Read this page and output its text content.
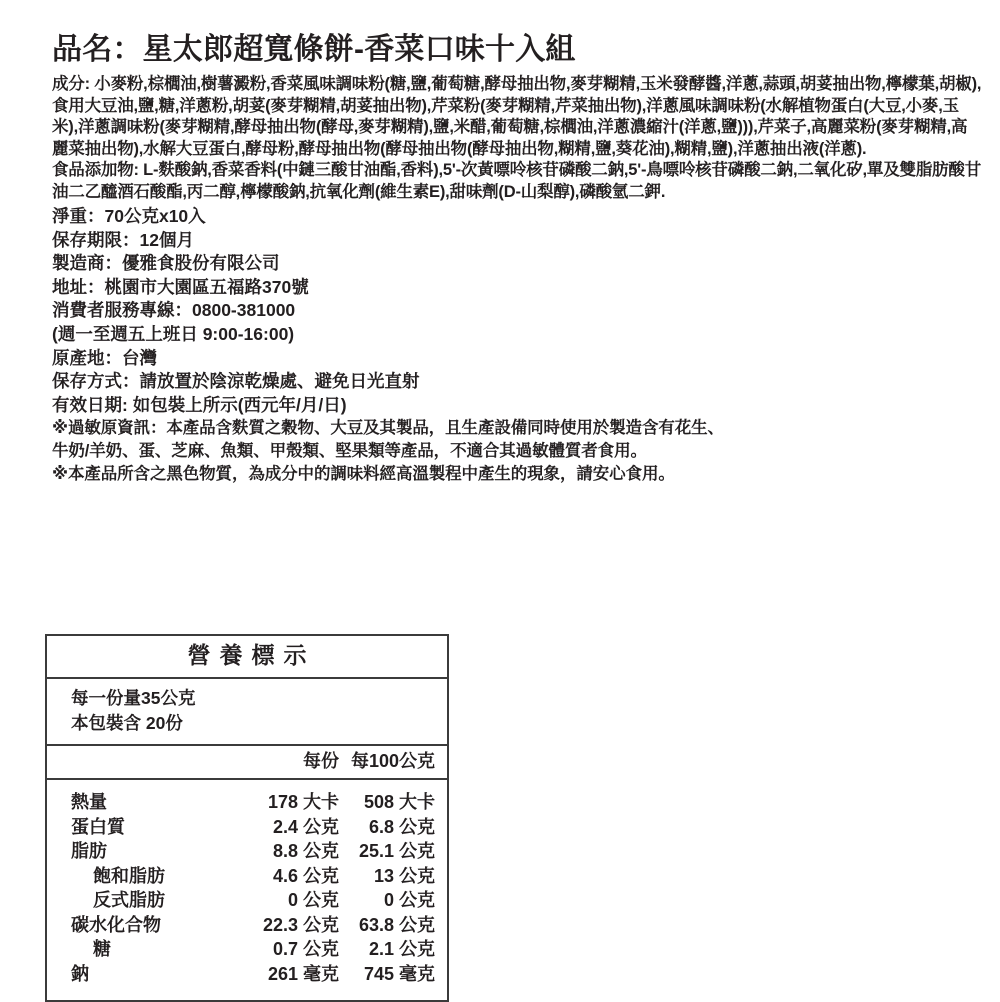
品名：星太郎超寬條餅-香菜口味十入組
成分: 小麥粉,棕櫚油,樹薯澱粉,香菜風味調味粉(糖,鹽,葡萄糖,酵母抽出物,麥芽糊精,玉米發酵醬,洋蔥,蒜頭,胡荽抽出物,檸檬葉,胡椒),食用大豆油,鹽,糖,洋蔥粉,胡荽(麥芽糊精,胡荽抽出物),芹菜粉(麥芽糊精,芹菜抽出物),洋蔥風味調味粉(水解植物蛋白(大豆,小麥,玉米),洋蔥調味粉(麥芽糊精,酵母抽出物(酵母,麥芽糊精),鹽,米醋,葡萄糖,棕櫚油,洋蔥濃縮汁(洋蔥,鹽))),芹菜子,高麗菜粉(麥芽糊精,高麗菜抽出物),水解大豆蛋白,酵母粉,酵母抽出物(酵母抽出物(酵母抽出物,糊精,鹽,葵花油),糊精,鹽),洋蔥抽出液(洋蔥).
食品添加物: L-麩酸鈉,香菜香料(中鏈三酸甘油酯,香料),5'-次黃嘌呤核苷磷酸二鈉,5'-鳥嘌呤核苷磷酸二鈉,二氧化矽,單及雙脂肪酸甘油二乙醯酒石酸酯,丙二醇,檸檬酸鈉,抗氧化劑(維生素E),甜味劑(D-山梨醇),磷酸氫二鉀.
淨重：70公克x10入
保存期限：12個月
製造商：優雅食股份有限公司
地址：桃園市大園區五福路370號
消費者服務專線：0800-381000
(週一至週五上班日 9:00-16:00)
原產地：台灣
保存方式：請放置於陰涼乾燥處、避免日光直射
有效日期: 如包裝上所示(西元年/月/日)
※過敏原資訊：本產品含麩質之穀物、大豆及其製品，且生產設備同時使用於製造含有花生、
牛奶/羊奶、蛋、芝麻、魚類、甲殼類、堅果類等產品，不適合其過敏體質者食用。
※本產品所含之黑色物質，為成分中的調味料經高溫製程中產生的現象，請安心食用。
營養標示
每一份量35公克
本包裝含 20份
每份 每100公克
熱量	178 大卡	508 大卡
蛋白質	2.4 公克	6.8 公克
脂肪	8.8 公克	25.1 公克
飽和脂肪	4.6 公克	13 公克
反式脂肪	0 公克	0 公克
碳水化合物	22.3 公克	63.8 公克
糖	0.7 公克	2.1 公克
鈉	261 毫克	745 毫克
